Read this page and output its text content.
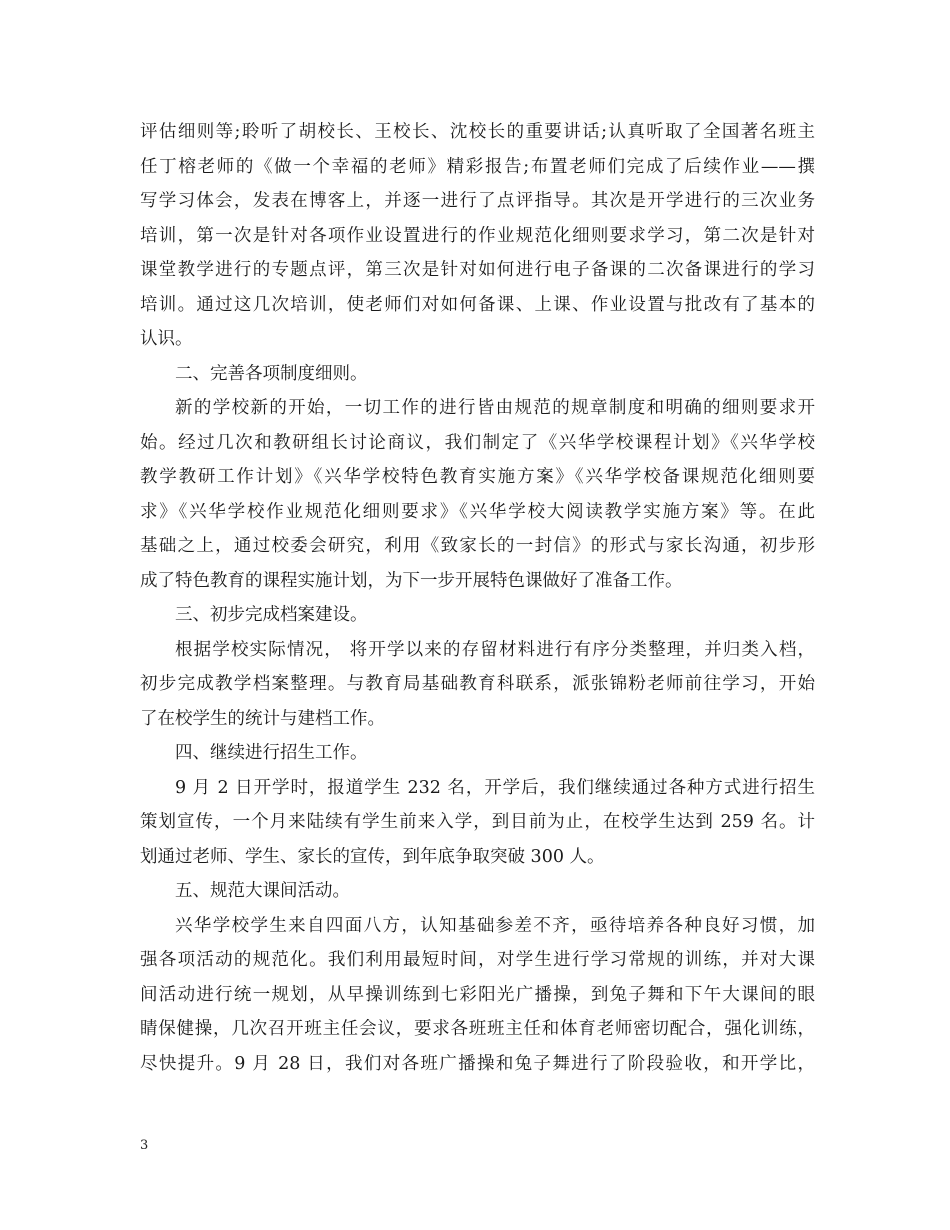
评估细则等;聆听了胡校长、王校长、沈校长的重要讲话;认真听取了全国著名班主
任丁榕老师的《做一个幸福的老师》精彩报告;布置老师们完成了后续作业——撰
写学习体会，发表在博客上，并逐一进行了点评指导。其次是开学进行的三次业务
培训，第一次是针对各项作业设置进行的作业规范化细则要求学习，第二次是针对
课堂教学进行的专题点评，第三次是针对如何进行电子备课的二次备课进行的学习
培训。通过这几次培训，使老师们对如何备课、上课、作业设置与批改有了基本的
认识。
二、完善各项制度细则。
新的学校新的开始，一切工作的进行皆由规范的规章制度和明确的细则要求开
始。经过几次和教研组长讨论商议，我们制定了《兴华学校课程计划》《兴华学校
教学教研工作计划》《兴华学校特色教育实施方案》《兴华学校备课规范化细则要
求》《兴华学校作业规范化细则要求》《兴华学校大阅读教学实施方案》等。在此
基础之上，通过校委会研究，利用《致家长的一封信》的形式与家长沟通，初步形
成了特色教育的课程实施计划，为下一步开展特色课做好了准备工作。
三、初步完成档案建设。
根据学校实际情况， 将开学以来的存留材料进行有序分类整理，并归类入档，
初步完成教学档案整理。与教育局基础教育科联系，派张锦粉老师前往学习，开始
了在校学生的统计与建档工作。
四、继续进行招生工作。
9 月 2 日开学时，报道学生 232 名，开学后，我们继续通过各种方式进行招生
策划宣传，一个月来陆续有学生前来入学，到目前为止，在校学生达到 259 名。计
划通过老师、学生、家长的宣传，到年底争取突破 300 人。
五、规范大课间活动。
兴华学校学生来自四面八方，认知基础参差不齐，亟待培养各种良好习惯，加
强各项活动的规范化。我们利用最短时间，对学生进行学习常规的训练，并对大课
间活动进行统一规划，从早操训练到七彩阳光广播操，到兔子舞和下午大课间的眼
睛保健操，几次召开班主任会议，要求各班班主任和体育老师密切配合，强化训练，
尽快提升。9 月 28 日，我们对各班广播操和兔子舞进行了阶段验收，和开学比，
3
